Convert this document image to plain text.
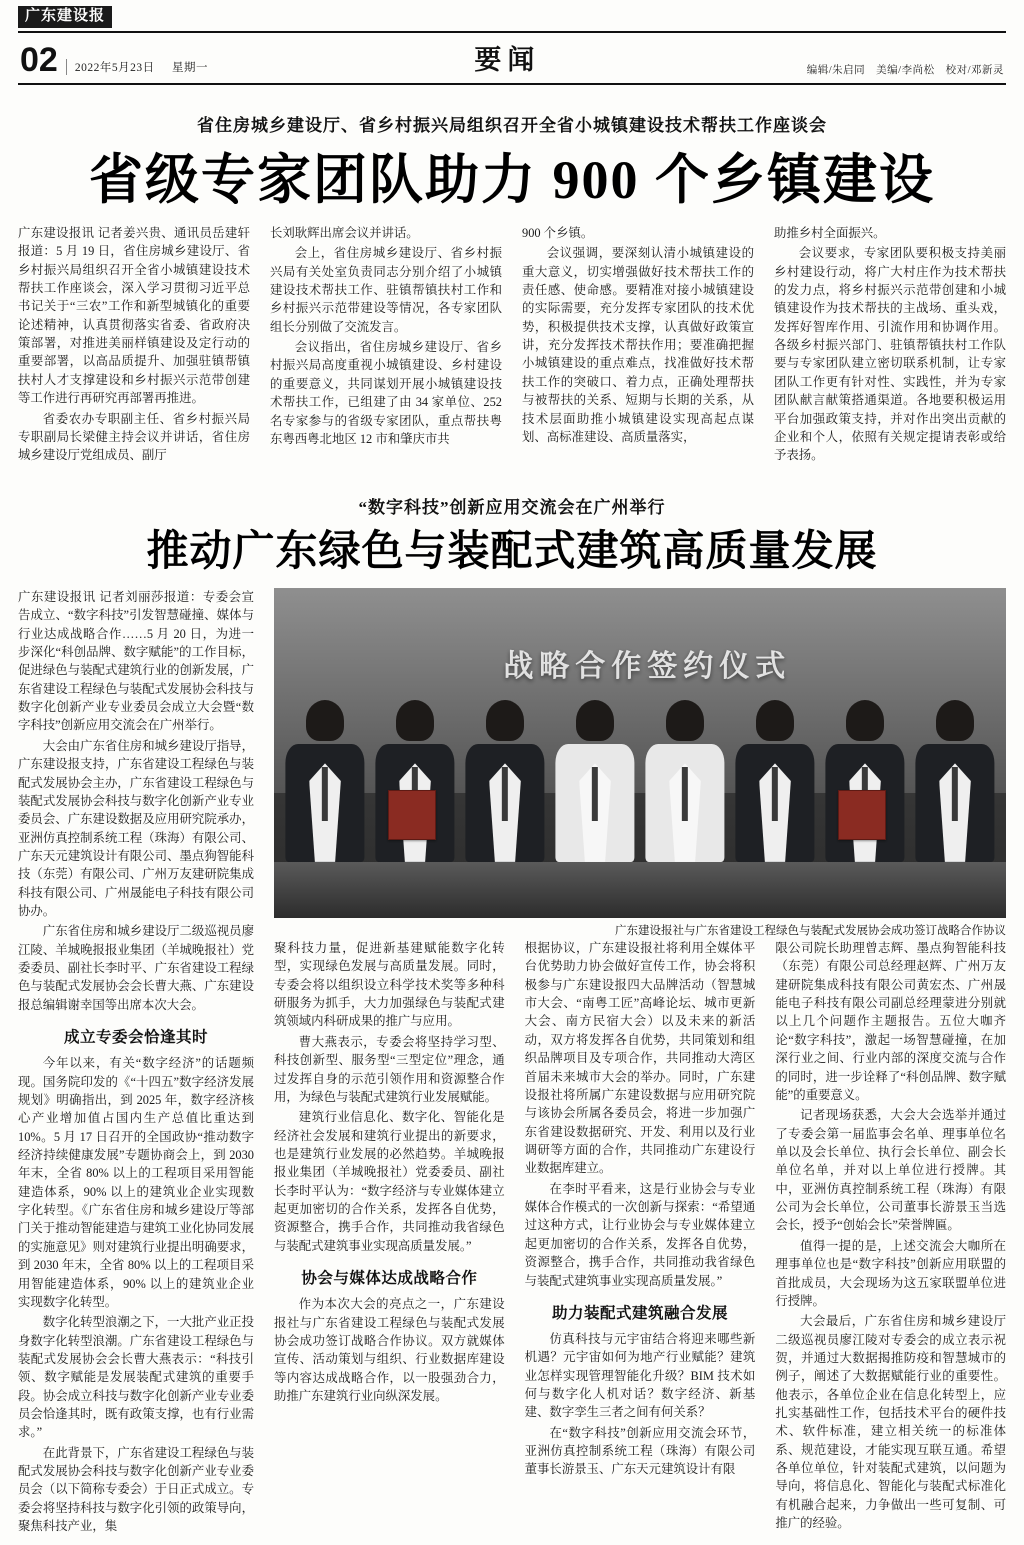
广东建设报
02	2022年5月23日 星期一	要闻	编辑/朱启同　美编/李尚松　校对/邓新灵
省住房城乡建设厅、省乡村振兴局组织召开全省小城镇建设技术帮扶工作座谈会
省级专家团队助力 900 个乡镇建设

广东建设报讯 记者姜兴贵、通讯员岳建轩报道：5 月 19 日，省住房城乡建设厅、省乡村振兴局组织召开全省小城镇建设技术帮扶工作座谈会，深入学习贯彻习近平总书记关于“三农”工作和新型城镇化的重要论述精神，认真贯彻落实省委、省政府决策部署，对推进美丽样镇建设及定行动的重要部署，以高品质提升、加强驻镇帮镇扶村人才支撑建设和乡村振兴示范带创建等工作进行再研究再部署再推进。

省委农办专职副主任、省乡村振兴局专职副局长梁健主持会议并讲话，省住房城乡建设厅党组成员、副厅

长刘耿辉出席会议并讲话。

会上，省住房城乡建设厅、省乡村振兴局有关处室负责同志分别介绍了小城镇建设技术帮扶工作、驻镇帮镇扶村工作和乡村振兴示范带建设等情况，各专家团队组长分别做了交流发言。

会议指出，省住房城乡建设厅、省乡村振兴局高度重视小城镇建设、乡村建设的重要意义，共同谋划开展小城镇建设技术帮扶工作，已组建了由 34 家单位、252 名专家参与的省级专家团队，重点帮扶粤东粤西粤北地区 12 市和肇庆市共

900 个乡镇。

会议强调，要深刻认清小城镇建设的重大意义，切实增强做好技术帮扶工作的责任感、使命感。要精准对接小城镇建设的实际需要，充分发挥专家团队的技术优势，积极提供技术支撑，认真做好政策宣讲，充分发挥技术帮扶作用；要准确把握小城镇建设的重点难点，找准做好技术帮扶工作的突破口、着力点，正确处理帮扶与被帮扶的关系、短期与长期的关系，从技术层面助推小城镇建设实现高起点谋划、高标准建设、高质量落实，

助推乡村全面振兴。

会议要求，专家团队要积极支持美丽乡村建设行动，将广大村庄作为技术帮扶的发力点，将乡村振兴示范带创建和小城镇建设作为技术帮扶的主战场、重头戏，发挥好智库作用、引流作用和协调作用。各级乡村振兴部门、驻镇帮镇扶村工作队要与专家团队建立密切联系机制，让专家团队工作更有针对性、实践性，并为专家团队献言献策搭通渠道。各地要积极运用平台加强政策支持，并对作出突出贡献的企业和个人，依照有关规定提请表彰或给予表扬。

“数字科技”创新应用交流会在广州举行
推动广东绿色与装配式建筑高质量发展

广东建设报讯 记者刘丽莎报道：专委会宣告成立、“数字科技”引发智慧碰撞、媒体与行业达成战略合作……5 月 20 日，为进一步深化“科创品牌、数字赋能”的工作目标，促进绿色与装配式建筑行业的创新发展，广东省建设工程绿色与装配式发展协会科技与数字化创新产业专业委员会成立大会暨“数字科技”创新应用交流会在广州举行。

大会由广东省住房和城乡建设厅指导，广东建设报支持，广东省建设工程绿色与装配式发展协会主办，广东省建设工程绿色与装配式发展协会科技与数字化创新产业专业委员会、广东建设数据及应用研究院承办，亚洲仿真控制系统工程（珠海）有限公司、广东天元建筑设计有限公司、墨点狗智能科技（东莞）有限公司、广州万友建研院集成科技有限公司、广州晟能电子科技有限公司协办。

广东省住房和城乡建设厅二级巡视员廖江陵、羊城晚报报业集团（羊城晚报社）党委委员、副社长李时平、广东省建设工程绿色与装配式发展协会会长曹大燕、广东建设报总编辑谢幸国等出席本次大会。

成立专委会恰逢其时

今年以来，有关“数字经济”的话题频现。国务院印发的《“十四五”数字经济发展规划》明确指出，到 2025 年，数字经济核心产业增加值占国内生产总值比重达到 10%。5 月 17 日召开的全国政协“推动数字经济持续健康发展”专题协商会上，到 2030 年末，全省 80% 以上的工程项目采用智能建造体系，90% 以上的建筑业企业实现数字化转型。《广东省住房和城乡建设厅等部门关于推动智能建造与建筑工业化协同发展的实施意见》则对建筑行业提出明确要求，到 2030 年末，全省 80% 以上的工程项目采用智能建造体系，90% 以上的建筑业企业实现数字化转型。

数字化转型浪潮之下，一大批产业正投身数字化转型浪潮。广东省建设工程绿色与装配式发展协会会长曹大燕表示：“科技引领、数字赋能是发展装配式建筑的重要手段。协会成立科技与数字化创新产业专业委员会恰逢其时，既有政策支撑，也有行业需求。”

在此背景下，广东省建设工程绿色与装配式发展协会科技与数字化创新产业专业委员会（以下简称专委会）于日正式成立。专委会将坚持科技与数字化引领的政策导向，聚焦科技产业，集

战略合作签约仪式
广东建设报社与广东省建设工程绿色与装配式发展协会成功签订战略合作协议

聚科技力量，促进新基建赋能数字化转型，实现绿色发展与高质量发展。同时，专委会将以组织设立科学技术奖等多种科研服务为抓手，大力加强绿色与装配式建筑领域内科研成果的推广与应用。

曹大燕表示，专委会将坚持学习型、科技创新型、服务型“三型定位”理念，通过发挥自身的示范引领作用和资源整合作用，为绿色与装配式建筑行业发展赋能。

建筑行业信息化、数字化、智能化是经济社会发展和建筑行业提出的新要求，也是建筑行业发展的必然趋势。羊城晚报报业集团（羊城晚报社）党委委员、副社长李时平认为：“数字经济与专业媒体建立起更加密切的合作关系，发挥各自优势，资源整合，携手合作，共同推动我省绿色与装配式建筑事业实现高质量发展。”

协会与媒体达成战略合作

作为本次大会的亮点之一，广东建设报社与广东省建设工程绿色与装配式发展协会成功签订战略合作协议。双方就媒体宣传、活动策划与组织、行业数据库建设等内容达成战略合作，以一股强劲合力，助推广东建筑行业向纵深发展。

根据协议，广东建设报社将利用全媒体平台优势助力协会做好宣传工作，协会将积极参与广东建设报四大品牌活动（智慧城市大会、“南粤工匠”高峰论坛、城市更新大会、南方民宿大会）以及未来的新活动，双方将发挥各自优势，共同策划和组织品牌项目及专项合作，共同推动大湾区首届未来城市大会的举办。同时，广东建设报社将所属广东建设数据与应用研究院与该协会所属各委员会，将进一步加强广东省建设数据研究、开发、利用以及行业调研等方面的合作，共同推动广东建设行业数据库建立。

在李时平看来，这是行业协会与专业媒体合作模式的一次创新与探索：“希望通过这种方式，让行业协会与专业媒体建立起更加密切的合作关系，发挥各自优势，资源整合，携手合作，共同推动我省绿色与装配式建筑事业实现高质量发展。”

助力装配式建筑融合发展

仿真科技与元宇宙结合将迎来哪些新机遇？元宇宙如何为地产行业赋能？建筑业怎样实现管理智能化升级？BIM 技术如何与数字化人机对话？数字经济、新基建、数字孪生三者之间有何关系？

在“数字科技”创新应用交流会环节，亚洲仿真控制系统工程（珠海）有限公司董事长游景玉、广东天元建筑设计有限

限公司院长助理曾志辉、墨点狗智能科技（东莞）有限公司总经理赵辉、广州万友建研院集成科技有限公司黄宏杰、广州晟能电子科技有限公司副总经理蒙进分别就以上几个问题作主题报告。五位大咖齐论“数字科技”，激起一场智慧碰撞，在加深行业之间、行业内部的深度交流与合作的同时，进一步诠释了“科创品牌、数字赋能”的重要意义。

记者现场获悉，大会大会选举并通过了专委会第一届监事会名单、理事单位名单以及会长单位、执行会长单位、副会长单位名单，并对以上单位进行授牌。其中，亚洲仿真控制系统工程（珠海）有限公司为会长单位，公司董事长游景玉当选会长，授予“创始会长”荣誉牌匾。

值得一提的是，上述交流会大咖所在理事单位也是“数字科技”创新应用联盟的首批成员，大会现场为这五家联盟单位进行授牌。

大会最后，广东省住房和城乡建设厅二级巡视员廖江陵对专委会的成立表示祝贺，并通过大数据揭推防疫和智慧城市的例子，阐述了大数据赋能行业的重要性。他表示，各单位企业在信息化转型上，应扎实基础性工作，包括技术平台的硬件技术、软件标准，建立相关统一的标准体系、规范建设，才能实现互联互通。希望各单位单位，针对装配式建筑，以问题为导向，将信息化、智能化与装配式标准化有机融合起来，力争做出一些可复制、可推广的经验。
